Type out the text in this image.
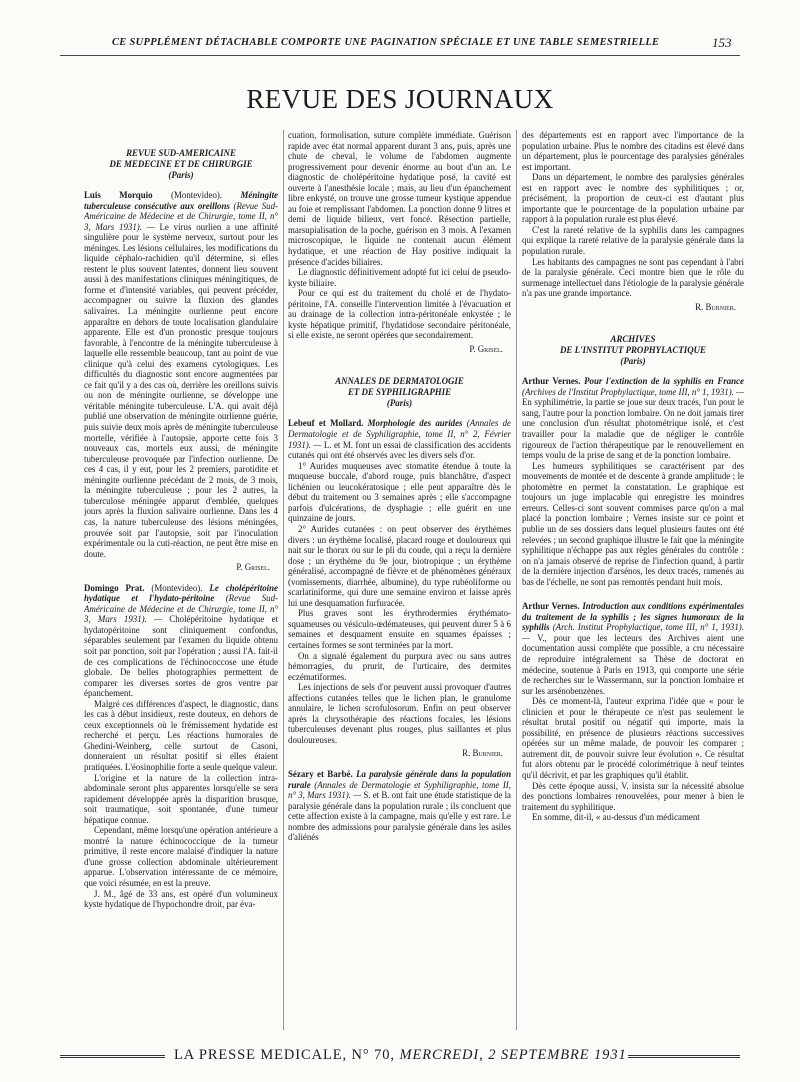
CE SUPPLÉMENT DÉTACHABLE COMPORTE UNE PAGINATION SPÉCIALE ET UNE TABLE SEMESTRIELLE	153
REVUE DES JOURNAUX
REVUE SUD-AMERICAINE
DE MEDECINE ET DE CHIRURGIE
(Paris)

Luis Morquio (Montevideo). Méningite tuberculeuse consécutive aux oreillons (Revue Sud-Américaine de Médecine et de Chirurgie, tome II, n° 3, Mars 1931). — Le virus ourlien a une affinité singulière pour le système nerveux, surtout pour les méninges. Les lésions cellulaires, les modifications du liquide céphalo-rachidien qu'il détermine, si elles restent le plus souvent latentes, donnent lieu souvent aussi à des manifestations cliniques méningitiques, de forme et d'intensité variables, qui peuvent précéder, accompagner ou suivre la fluxion des glandes salivaires. La méningite ourlienne peut encore apparaître en dehors de toute localisation glandulaire apparente. Elle est d'un pronostic presque toujours favorable, à l'encontre de la méningite tuberculeuse à laquelle elle ressemble beaucoup, tant au point de vue clinique qu'à celui des examens cytologiques. Les difficultés du diagnostic sont encore augmentées par ce fait qu'il y a des cas où, derrière les oreillons suivis ou non de méningite ourlienne, se développe une véritable méningite tuberculeuse. L'A. qui avait déjà publié une observation de méningite ourlienne guérie, puis suivie deux mois après de méningite tuberculeuse mortelle, vérifiée à l'autopsie, apporte cette fois 3 nouveaux cas, mortels eux aussi, de méningite tuberculeuse provoquée par l'infection ourlienne. De ces 4 cas, il y eut, pour les 2 premiers, parotidite et méningite ourlienne précédant de 2 mois, de 3 mois, la méningite tuberculeuse ; pour les 2 autres, la tuberculose méningée apparut d'emblée, quelques jours après la fluxion salivaire ourlienne. Dans les 4 cas, la nature tuberculeuse des lésions méningées, prouvée soit par l'autopsie, soit par l'inoculation expérimentale ou la cuti-réaction, ne peut être mise en doute.

P. Grisel.

Domingo Prat. (Montevideo). Le cholépéritoine hydatique et l'hydato-péritoine (Revue Sud-Américaine de Médecine et de Chirurgie, tome II, n° 3, Mars 1931). — Cholépéritoine hydatique et hydatopéritoine sont cliniquement confondus, séparables seulement par l'examen du liquide obtenu soit par ponction, soit par l'opération ; aussi l'A. fait-il de ces complications de l'échinococcose une étude globale. De belles photographies permettent de comparer les diverses sortes de gros ventre par épanchement.

Malgré ces différences d'aspect, le diagnostic, dans les cas à début insidieux, reste douteux, en dehors de ceux exceptionnels où le frémissement hydatide est recherché et perçu. Les réactions humorales de Ghedini-Weinberg, celle surtout de Casoni, donneraient un résultat positif si elles étaient pratiquées. L'éosinophilie forte a seule quelque valeur.

L'origine et la nature de la collection intra-abdominale seront plus apparentes lorsqu'elle se sera rapidement développée après la disparition brusque, soit traumatique, soit spontanée, d'une tumeur hépatique connue.

Cependant, même lorsqu'une opération antérieure a montré la nature échinococcique de la tumeur primitive, il reste encore malaisé d'indiquer la nature d'une grosse collection abdominale ultérieurement apparue. L'observation intéressante de ce mémoire, que voici résumée, en est la preuve.

J. M., âgé de 33 ans, est opéré d'un volumineux kyste hydatique de l'hypochondre droit, par éva-

cuation, formolisation, suture complète immédiate. Guérison rapide avec état normal apparent durant 3 ans, puis, après une chute de cheval, le volume de l'abdomen augmente progressivement pour devenir énorme au bout d'un an. Le diagnostic de cholépéritoine hydatique posé, la cavité est ouverte à l'anesthésie locale ; mais, au lieu d'un épanchement libre enkysté, on trouve une grosse tumeur kystique appendue au foie et remplissant l'abdomen. La ponction donne 9 litres et demi de liquide bilieux, vert foncé. Résection partielle, marsupialisation de la poche, guérison en 3 mois. A l'examen microscopique, le liquide ne contenait aucun élément hydatique, et une réaction de Hay positive indiquait la présence d'acides biliaires.

Le diagnostic définitivement adopté fut ici celui de pseudo-kyste biliaire.

Pour ce qui est du traitement du cholé et de l'hydato-péritoine, l'A. conseille l'intervention limitée à l'évacuation et au drainage de la collection intra-péritonéale enkystée ; le kyste hépatique primitif, l'hydatidose secondaire péritonéale, si elle existe, ne seront opérées que secondairement.

P. Grisel.
ANNALES DE DERMATOLOGIE
ET DE SYPHILIGRAPHIE
(Paris)

Lebeuf et Mollard. Morphologie des aurides (Annales de Dermatologie et de Syphiligraphie, tome II, n° 2, Février 1931). — L. et M. font un essai de classification des accidents cutanés qui ont été observés avec les divers sels d'or.

1° Aurides muqueuses avec stomatite étendue à toute la muqueuse buccale, d'abord rouge, puis blanchâtre, d'aspect lichénien ou leucokératosique ; elle peut apparaître dès le début du traitement ou 3 semaines après ; elle s'accompagne parfois d'ulcérations, de dysphagie ; elle guérit en une quinzaine de jours.

2° Aurides cutanées : on peut observer des érythèmes divers : un érythème localisé, placard rouge et douloureux qui nait sur le thorax ou sur le pli du coude, qui a reçu la dernière dose ; un érythème du 9e jour, biotropique ; un érythème généralisé, accompagné de fièvre et de phénomènes généraux (vomissements, diarrhée, albumine), du type rubéoliforme ou scarlatiniforme, qui dure une semaine environ et laisse après lui une desquamation furfuracée.

Plus graves sont les érythrodermies érythémato-squameuses ou vésiculo-œdémateuses, qui peuvent durer 5 à 6 semaines et desquament ensuite en squames épaisses ; certaines formes se sont terminées par la mort.

On a signalé également du purpura avec ou sans autres hémorragies, du prurit, de l'urticaire, des dermites eczématiformes.

Les injections de sels d'or peuvent aussi provoquer d'autres affections cutanées telles que le lichen plan, le granulome annulaire, le lichen scrofulosorum. Enfin on peut observer après la chrysothérapie des réactions focales, les lésions tuberculeuses devenant plus rouges, plus saillantes et plus douloureuses.

R. Burnier.

Sézary et Barbé. La paralysie générale dans la population rurale (Annales de Dermatologie et Syphiligraphie, tome II, n° 3, Mars 1931). — S. et B. ont fait une étude statistique de la paralysie générale dans la population rurale ; ils concluent que cette affection existe à la campagne, mais qu'elle y est rare. Le nombre des admissions pour paralysie générale dans les asiles d'aliénés

des départements est en rapport avec l'importance de la population urbaine. Plus le nombre des citadins est élevé dans un département, plus le pourcentage des paralysies générales est important.

Dans un département, le nombre des paralysies générales est en rapport avec le nombre des syphilitiques ; or, précisément, la proportion de ceux-ci est d'autant plus importante que le pourcentage de la population urbaine par rapport à la population rurale est plus élevé.

C'est la rareté relative de la syphilis dans les campagnes qui explique la rareté relative de la paralysie générale dans la population rurale.

Les habitants des campagnes ne sont pas cependant à l'abri de la paralysie générale. Ceci montre bien que le rôle du surmenage intellectuel dans l'étiologie de la paralysie générale n'a pas une grande importance.

R. Burnier.
ARCHIVES
DE L'INSTITUT PROPHYLACTIQUE
(Paris)

Arthur Vernes. Pour l'extinction de la syphilis en France (Archives de l'Institut Prophylactique, tome III, n° 1, 1931). — En syphilimétrie, la partie se joue sur deux tracés, l'un pour le sang, l'autre pour la ponction lombaire. On ne doit jamais tirer une conclusion d'un résultat photométrique isolé, et c'est travailler pour la maladie que de négliger le contrôle rigoureux de l'action thérapeutique par le renouvellement en temps voulu de la prise de sang et de la ponction lombaire.

Les humeurs syphilitiques se caractérisent par des mouvements de montée et de descente à grande amplitude ; le photomètre en permet la constatation. Le graphique est toujours un juge implacable qui enregistre les moindres erreurs. Celles-ci sont souvent commises parce qu'on a mal placé la ponction lombaire ; Vernes insiste sur ce point et publie un de ses dossiers dans lequel plusieurs fautes ont été relevées ; un second graphique illustre le fait que la méningite syphilitique n'échappe pas aux règles générales du contrôle : on n'a jamais observé de reprise de l'infection quand, à partir de la dernière injection d'arsénos, les deux tracés, ramenés au bas de l'échelle, ne sont pas remontés pendant huit mois.

Arthur Vernes. Introduction aux conditions expérimentales du traitement de la syphilis ; les signes humoraux de la syphilis (Arch. Institut Prophylactique, tome III, n° 1, 1931). — V., pour que les lecteurs des Archives aient une documentation aussi complète que possible, a cru nécessaire de reproduire intégralement sa Thèse de doctorat en médecine, soutenue à Paris en 1913, qui comporte une série de recherches sur le Wassermann, sur la ponction lombaire et sur les arsénobenzènes.

Dès ce moment-là, l'auteur exprima l'idée que « pour le clinicien et pour le thérapeute ce n'est pas seulement le résultat brutal positif ou négatif qui importe, mais la possibilité, en présence de plusieurs réactions successives opérées sur un même malade, de pouvoir les comparer ; autrement dit, de pouvoir suivre leur évolution ». Ce résultat fut alors obtenu par le procédé colorimétrique à neuf teintes qu'il décrivit, et par les graphiques qu'il établit.

Dès cette époque aussi, V. insista sur la nécessité absolue des ponctions lombaires renouvelées, pour mener à bien le traitement du syphilitique.

En somme, dit-il, « au-dessus d'un médicament

LA PRESSE MEDICALE, N° 70, MERCREDI, 2 SEPTEMBRE 1931
